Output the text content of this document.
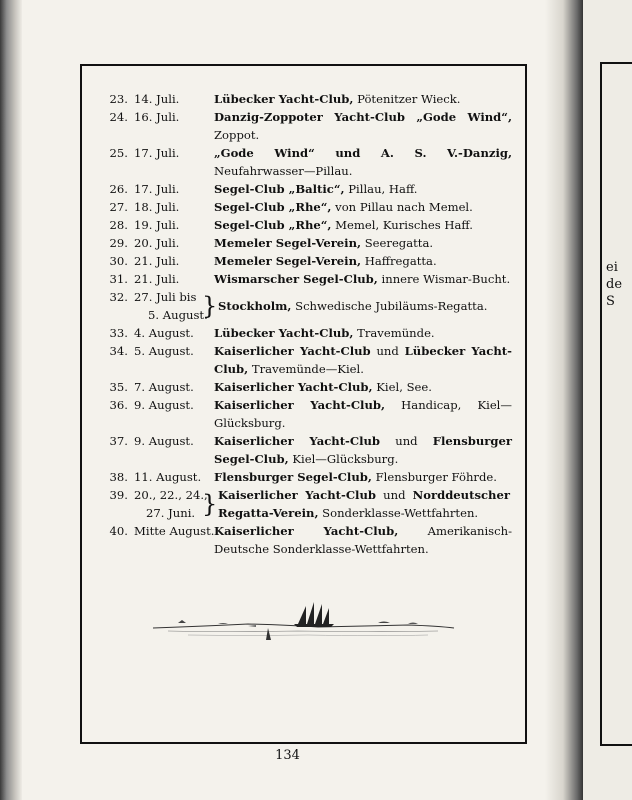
ei
de
S
23. 14. Juli.	Lübecker Yacht-Club, Pötenitzer Wieck.
24. 16. Juli.	Danzig-Zoppoter Yacht-Club „Gode Wind“, Zoppot.
25. 17. Juli.	„Gode Wind“ und A. S. V.-Danzig, Neufahrwasser—Pillau.
26. 17. Juli.	Segel-Club „Baltic“, Pillau, Haff.
27. 18. Juli.	Segel-Club „Rhe“, von Pillau nach Memel.
28. 19. Juli.	Segel-Club „Rhe“, Memel, Kurisches Haff.
29. 20. Juli.	Memeler Segel-Verein, Seeregatta.
30. 21. Juli.	Memeler Segel-Verein, Haffregatta.
31. 21. Juli.	Wismarscher Segel-Club, innere Wismar-Bucht.
32. 27. Juli bis
5. August.
} Stockholm, Schwedische Jubiläums-Regatta.
33. 4. August.	Lübecker Yacht-Club, Travemünde.
34. 5. August.	Kaiserlicher Yacht-Club und Lübecker Yacht-Club, Travemünde—Kiel.
35. 7. August.	Kaiserlicher Yacht-Club, Kiel, See.
36. 9. August.	Kaiserlicher Yacht-Club, Handicap, Kiel—Glücksburg.
37. 9. August.	Kaiserlicher Yacht-Club und Flensburger Segel-Club, Kiel—Glücksburg.
38. 11. August.	Flensburger Segel-Club, Flensburger Föhrde.
39. 20., 22., 24.,
27. Juni. } Kaiserlicher Yacht-Club und Norddeutscher Regatta-Verein, Sonderklasse-Wettfahrten.
40. Mitte August. Kaiserlicher Yacht-Club, Amerikanisch-Deutsche Sonderklasse-Wettfahrten.
134
